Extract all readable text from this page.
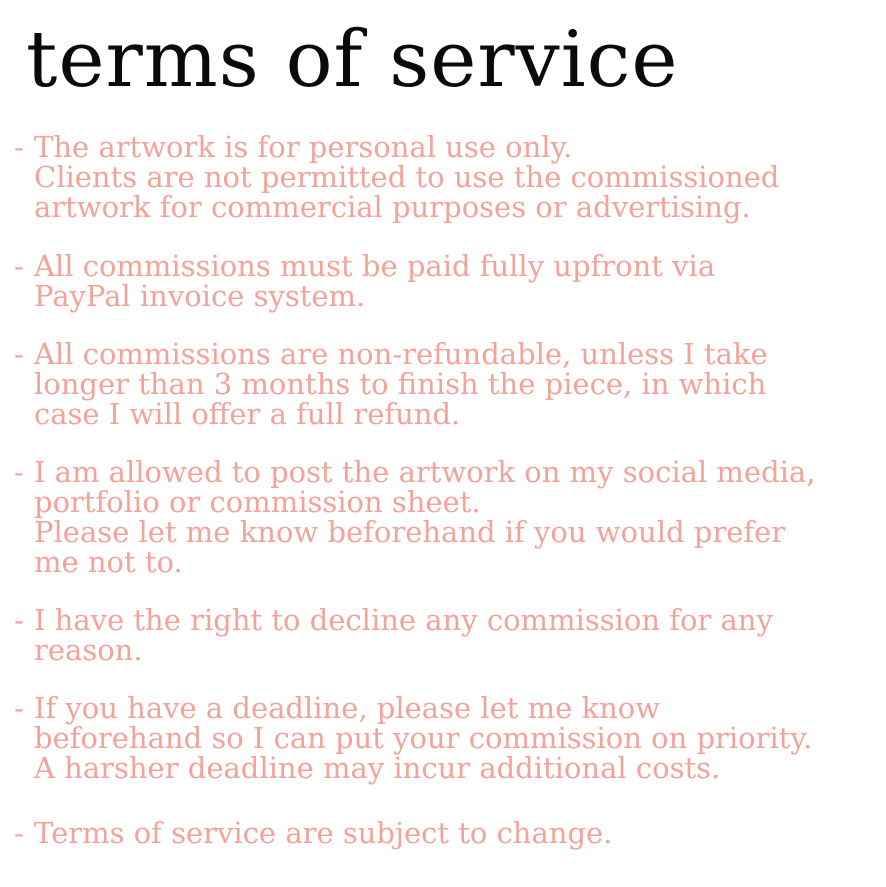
terms of service
- The artwork is for personal use only.
Clients are not permitted to use the commissioned
artwork for commercial purposes or advertising.
- All commissions must be paid fully upfront via
PayPal invoice system.
- All commissions are non-refundable, unless I take
longer than 3 months to finish the piece, in which
case I will offer a full refund.
- I am allowed to post the artwork on my social media,
portfolio or commission sheet.
Please let me know beforehand if you would prefer
me not to.
- I have the right to decline any commission for any
reason.
- If you have a deadline, please let me know
beforehand so I can put your commission on priority.
A harsher deadline may incur additional costs.
- Terms of service are subject to change.
